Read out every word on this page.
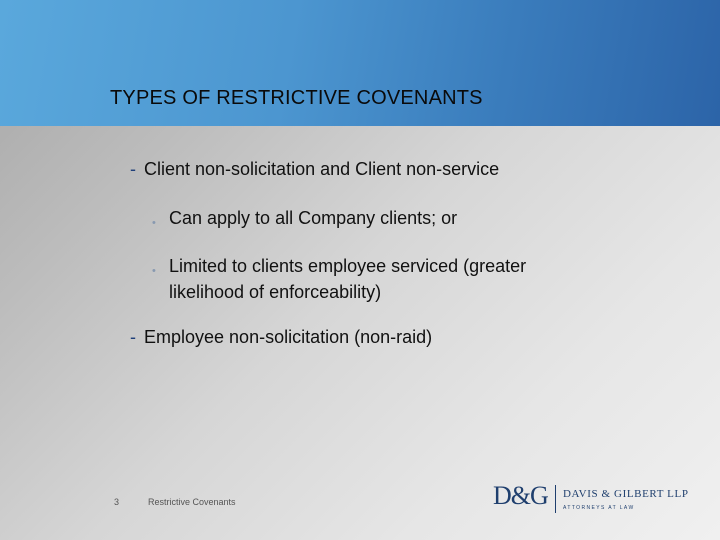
TYPES OF RESTRICTIVE COVENANTS
- Client non-solicitation and Client non-service
• Can apply to all Company clients; or
• Limited to clients employee serviced (greater likelihood of enforceability)
- Employee non-solicitation (non-raid)
3	Restrictive Covenants	D&G DAVIS & GILBERT LLP
ATTORNEYS AT LAW
